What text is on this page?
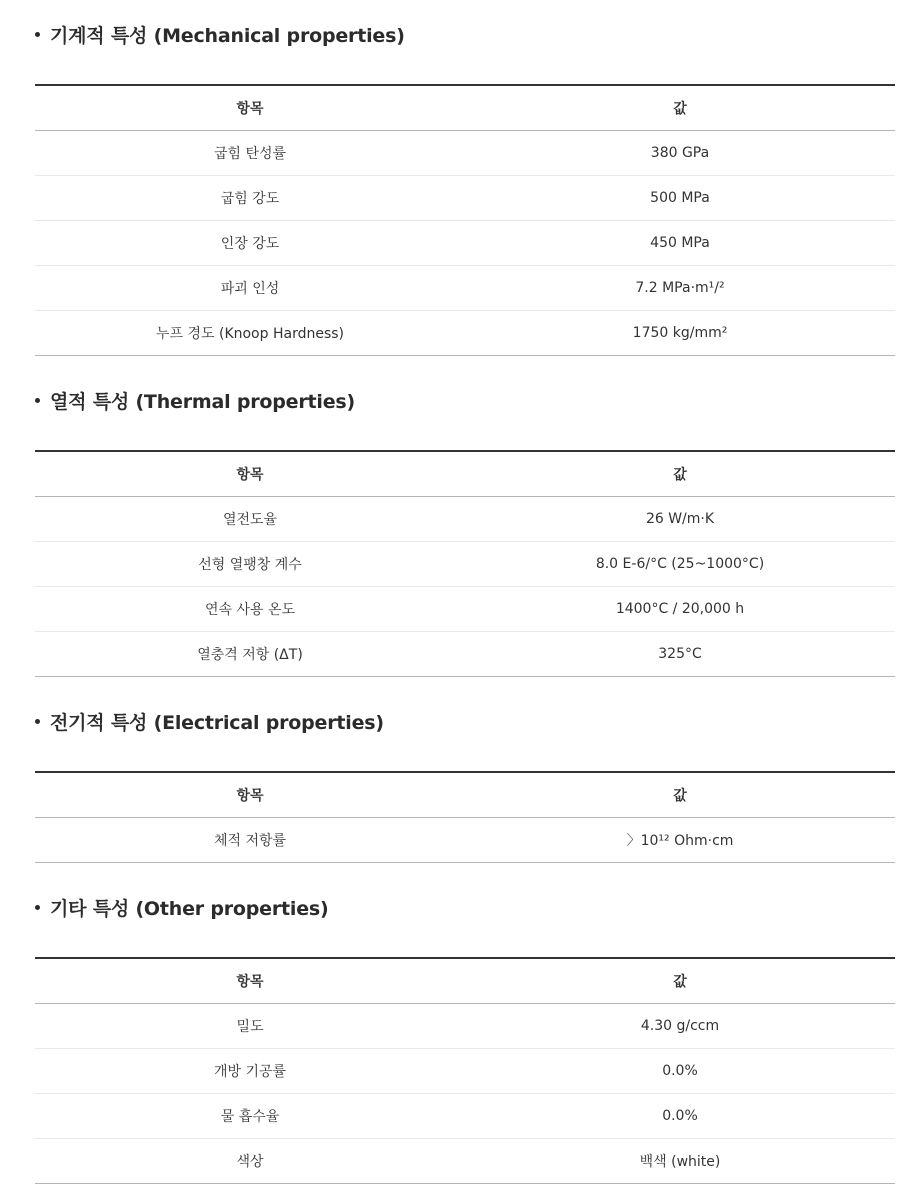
기계적 특성 (Mechanical properties)
항목	값
굽힘 탄성률	380 GPa
굽힘 강도	500 MPa
인장 강도	450 MPa
파괴 인성	7.2 MPa·m¹/²
누프 경도 (Knoop Hardness)	1750 kg/mm²
열적 특성 (Thermal properties)
항목	값
열전도율	26 W/m·K
선형 열팽창 계수	8.0 E-6/°C (25~1000°C)
연속 사용 온도	1400°C / 20,000 h
열충격 저항 (ΔT)	325°C
전기적 특성 (Electrical properties)
항목	값
체적 저항률	〉10¹² Ohm·cm
기타 특성 (Other properties)
항목	값
밀도	4.30 g/ccm
개방 기공률	0.0%
물 흡수율	0.0%
색상	백색 (white)
